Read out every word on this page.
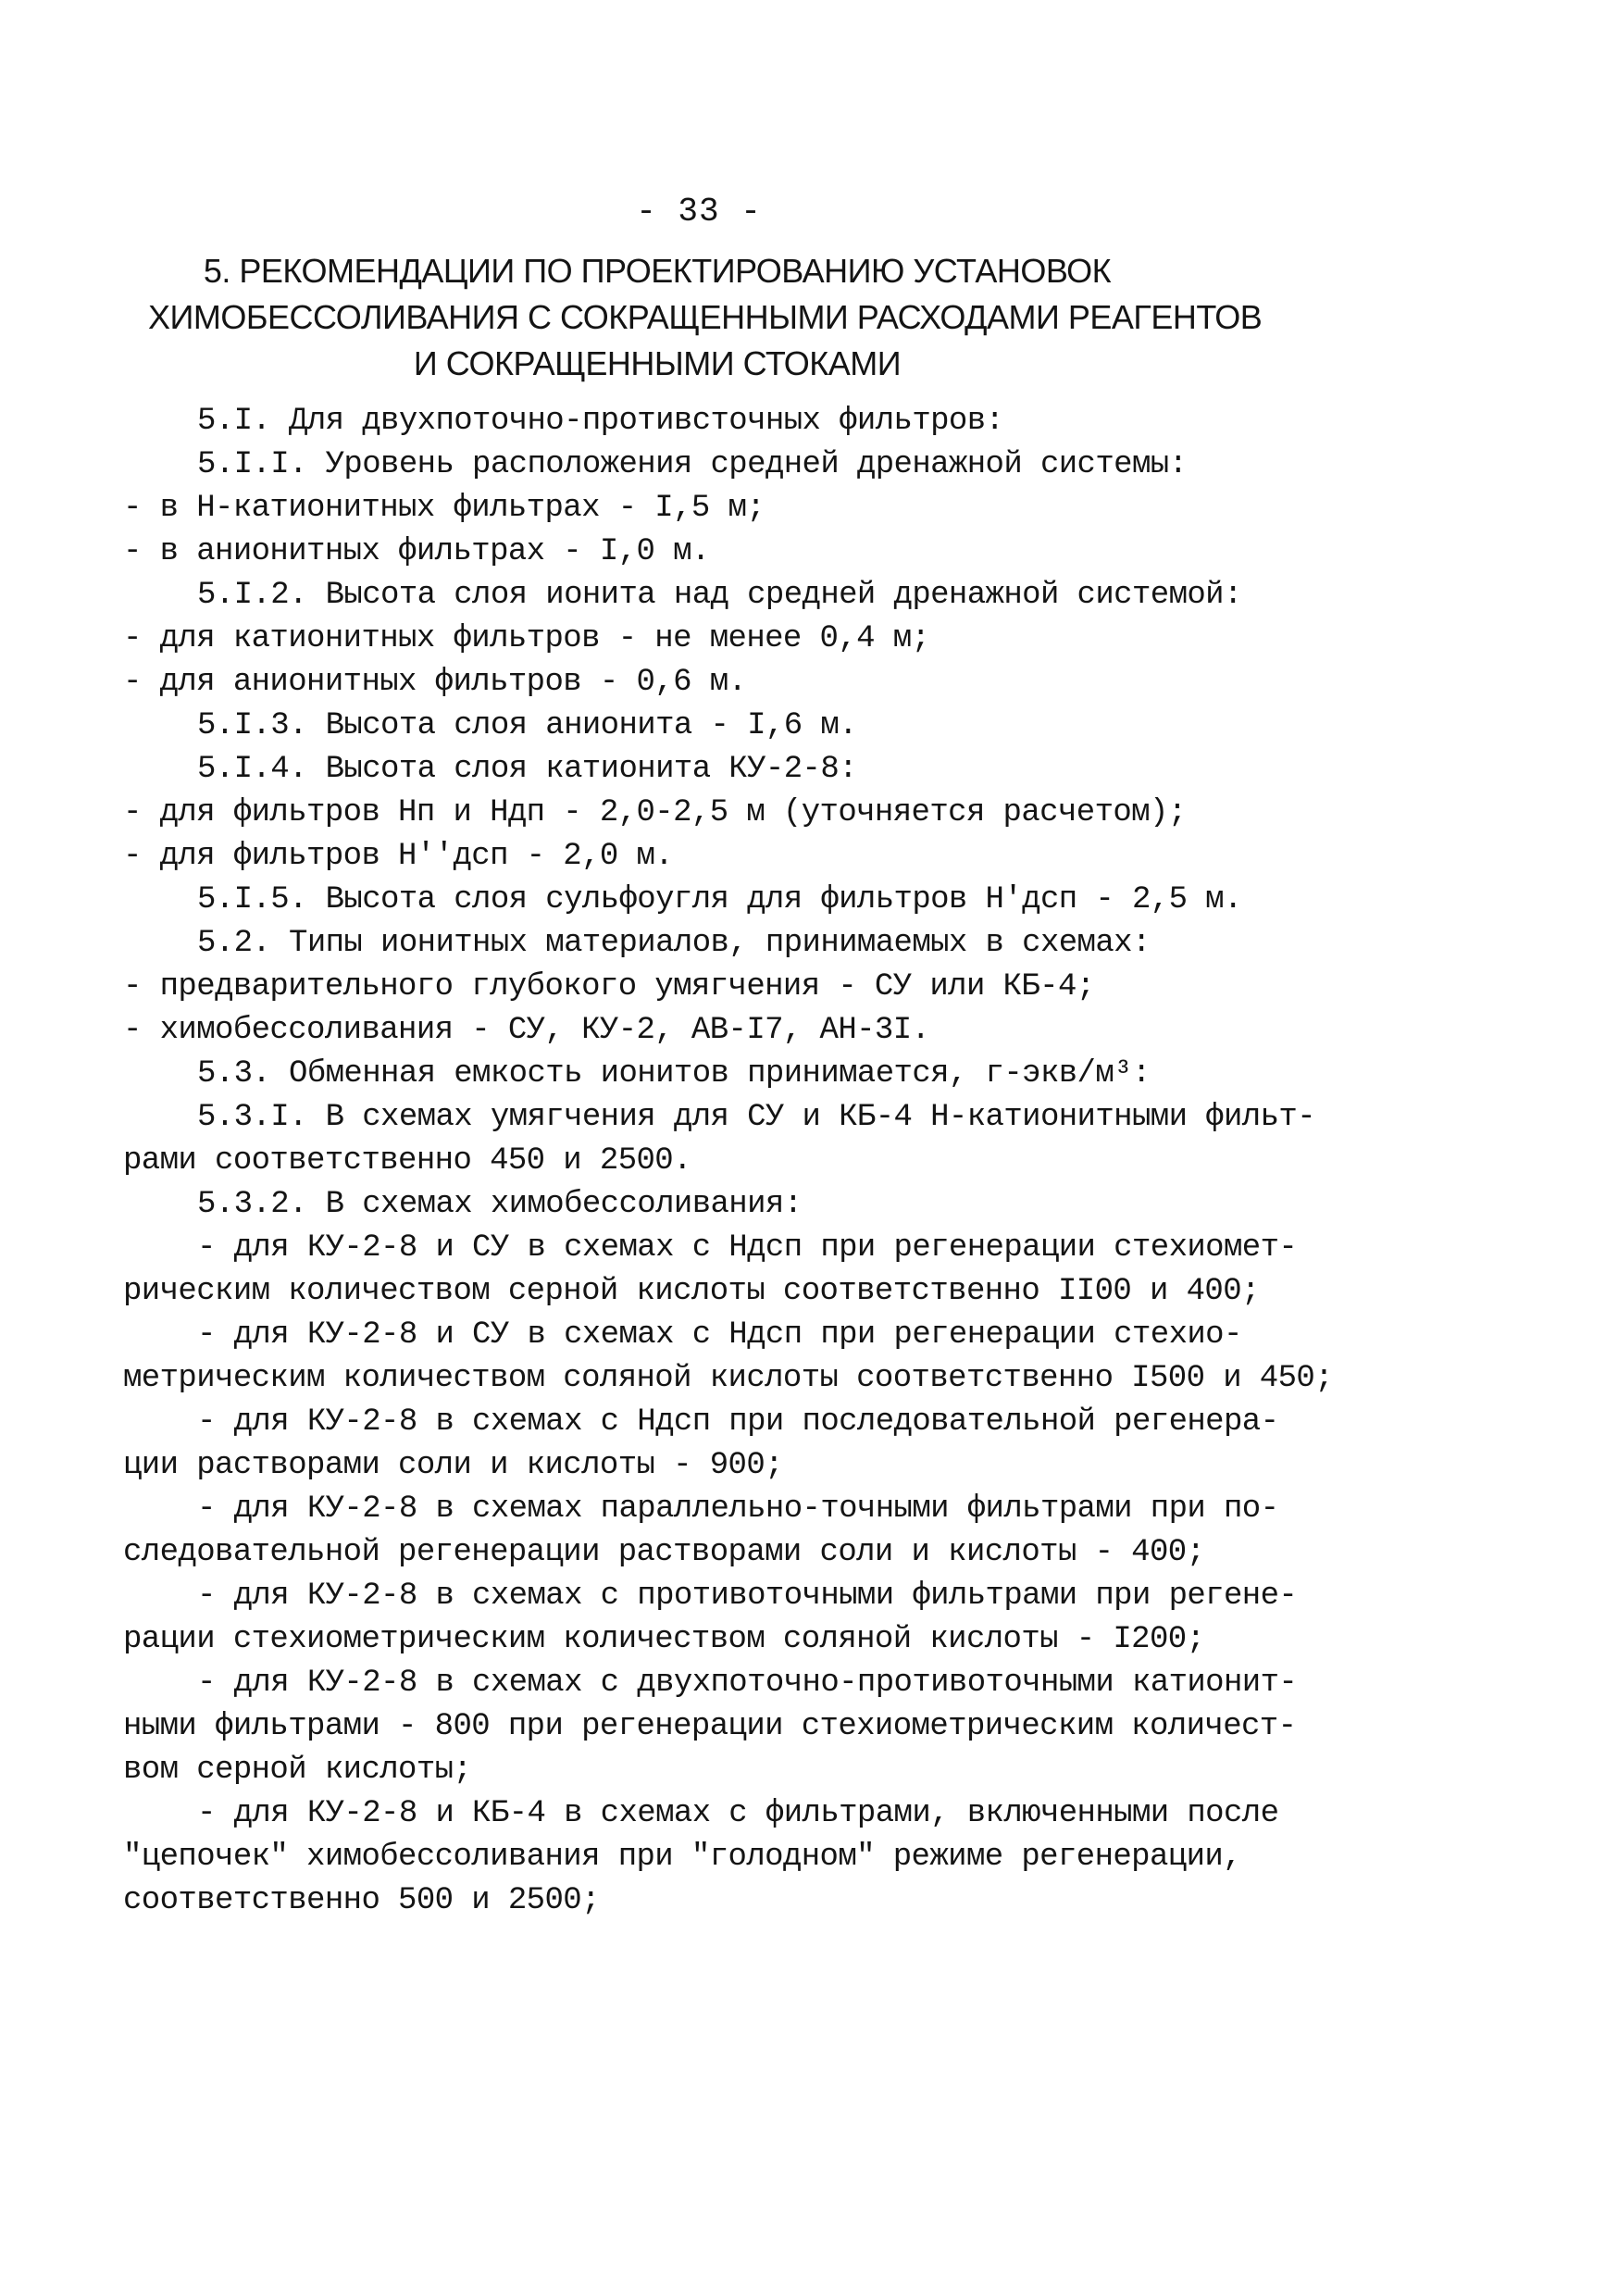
- 33 -
5. РЕКОМЕНДАЦИИ ПО ПРОЕКТИРОВАНИЮ УСТАНОВОК
ХИМОБЕССОЛИВАНИЯ С СОКРАЩЕННЫМИ РАСХОДАМИ РЕАГЕНТОВ
И СОКРАЩЕННЫМИ СТОКАМИ
5.I. Для двухпоточно-противсточных фильтров:
5.I.I. Уровень расположения средней дренажной системы:
- в Н-катионитных фильтрах - I,5 м;
- в анионитных фильтрах - I,0 м.
5.I.2. Высота слоя ионита над средней дренажной системой:
- для катионитных фильтров - не менее 0,4 м;
- для анионитных фильтров - 0,6 м.
5.I.3. Высота слоя анионита - I,6 м.
5.I.4. Высота слоя катионита КУ-2-8:
- для фильтров Нп и Ндп - 2,0-2,5 м (уточняется расчетом);
- для фильтров Н''дсп - 2,0 м.
5.I.5. Высота слоя сульфоугля для фильтров Н'дсп - 2,5 м.
5.2. Типы ионитных материалов, принимаемых в схемах:
- предварительного глубокого умягчения - СУ или КБ-4;
- химобессоливания - СУ, КУ-2, АВ-I7, АН-3I.
5.3. Обменная емкость ионитов принимается, г-экв/м³:
5.3.I. В схемах умягчения для СУ и КБ-4 Н-катионитными фильт-
рами соответственно 450 и 2500.
5.3.2. В схемах химобессоливания:
- для КУ-2-8 и СУ в схемах с Ндсп при регенерации стехиомет-
рическим количеством серной кислоты соответственно II00 и 400;
- для КУ-2-8 и СУ в схемах с Ндсп при регенерации стехио-
метрическим количеством соляной кислоты соответственно I500 и 450;
- для КУ-2-8 в схемах с Ндсп при последовательной регенера-
ции растворами соли и кислоты - 900;
- для КУ-2-8 в схемах параллельно-точными фильтрами при по-
следовательной регенерации растворами соли и кислоты - 400;
- для КУ-2-8 в схемах с противоточными фильтрами при регене-
рации стехиометрическим количеством соляной кислоты - I200;
- для КУ-2-8 в схемах с двухпоточно-противоточными катионит-
ными фильтрами - 800 при регенерации стехиометрическим количест-
вом серной кислоты;
- для КУ-2-8 и КБ-4 в схемах с фильтрами, включенными после
"цепочек" химобессоливания при "голодном" режиме регенерации,
соответственно 500 и 2500;
